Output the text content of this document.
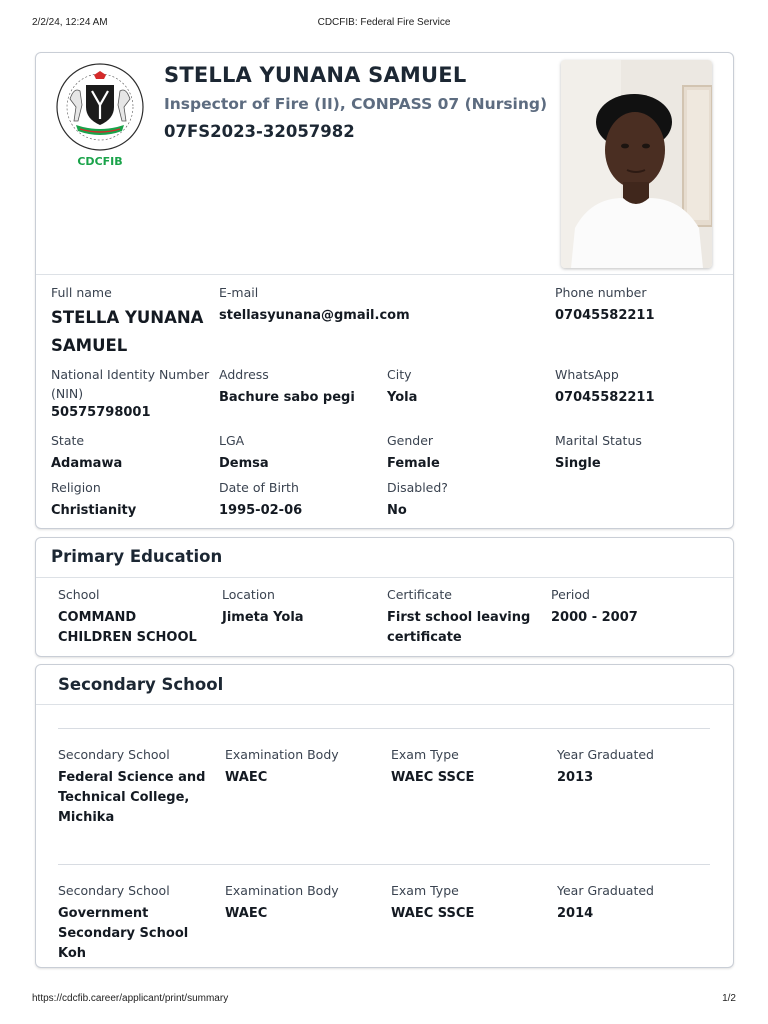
2/2/24, 12:24 AM	CDCFIB: Federal Fire Service
CDCFIB
STELLA YUNANA SAMUEL
Inspector of Fire (II), CONPASS 07 (Nursing)
07FS2023-32057982
Full name
STELLA YUNANA SAMUEL
E-mail
stellasyunana@gmail.com
Phone number
07045582211
National Identity Number (NIN)
50575798001
Address
Bachure sabo pegi
City
Yola
WhatsApp
07045582211
State
Adamawa
LGA
Demsa
Gender
Female
Marital Status
Single
Religion
Christianity
Date of Birth
1995-02-06
Disabled?
No
Primary Education
School
COMMAND CHILDREN SCHOOL
Location
Jimeta Yola
Certificate
First school leaving certificate
Period
2000 - 2007
Secondary School
Secondary School
Federal Science and Technical College, Michika
Examination Body
WAEC
Exam Type
WAEC SSCE
Year Graduated
2013
Secondary School
Government Secondary School Koh
Examination Body
WAEC
Exam Type
WAEC SSCE
Year Graduated
2014
https://cdcfib.career/applicant/print/summary	1/2
